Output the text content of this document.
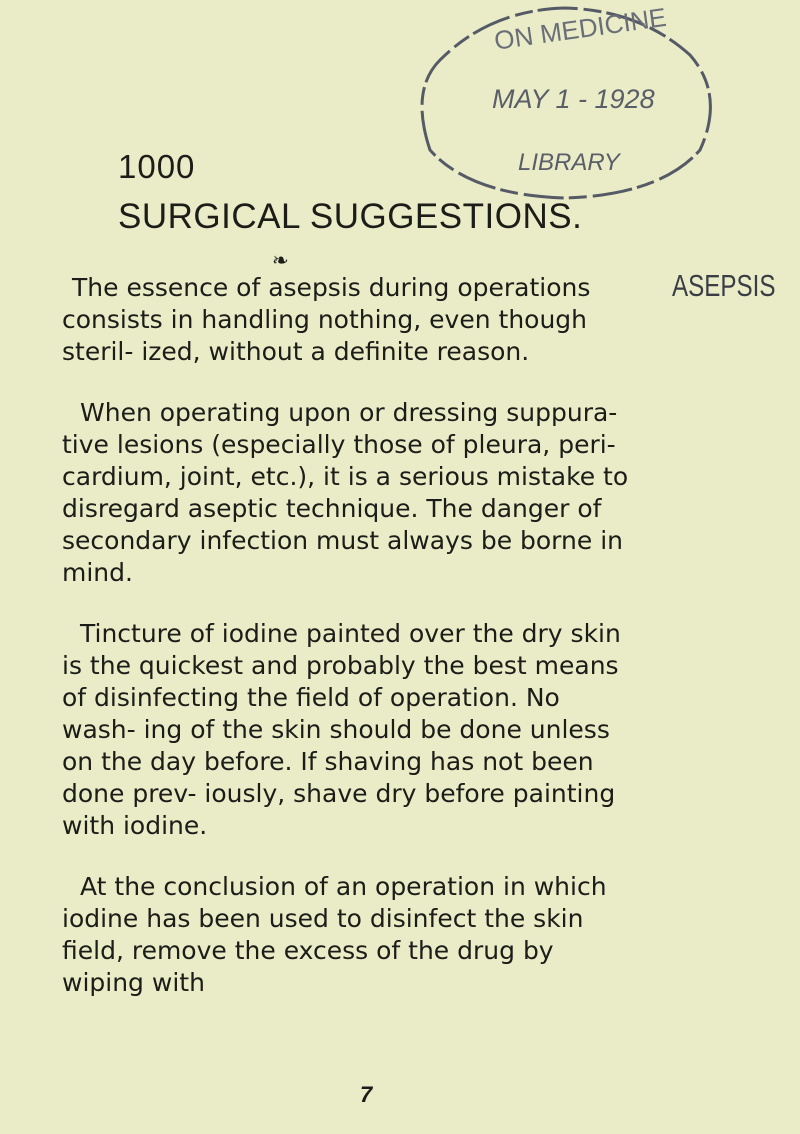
ON MEDICINE
MAY 1 - 1928
LIBRARY
1000
SURGICAL SUGGESTIONS.
❧
ASEPSIS

The essence of asepsis during operations consists in handling nothing, even though steril- ized, without a definite reason.

When operating upon or dressing suppura- tive lesions (especially those of pleura, peri- cardium, joint, etc.), it is a serious mistake to disregard aseptic technique. The danger of secondary infection must always be borne in mind.

Tincture of iodine painted over the dry skin is the quickest and probably the best means of disinfecting the field of operation. No wash- ing of the skin should be done unless on the day before. If shaving has not been done prev- iously, shave dry before painting with iodine.

At the conclusion of an operation in which iodine has been used to disinfect the skin field, remove the excess of the drug by wiping with

7
